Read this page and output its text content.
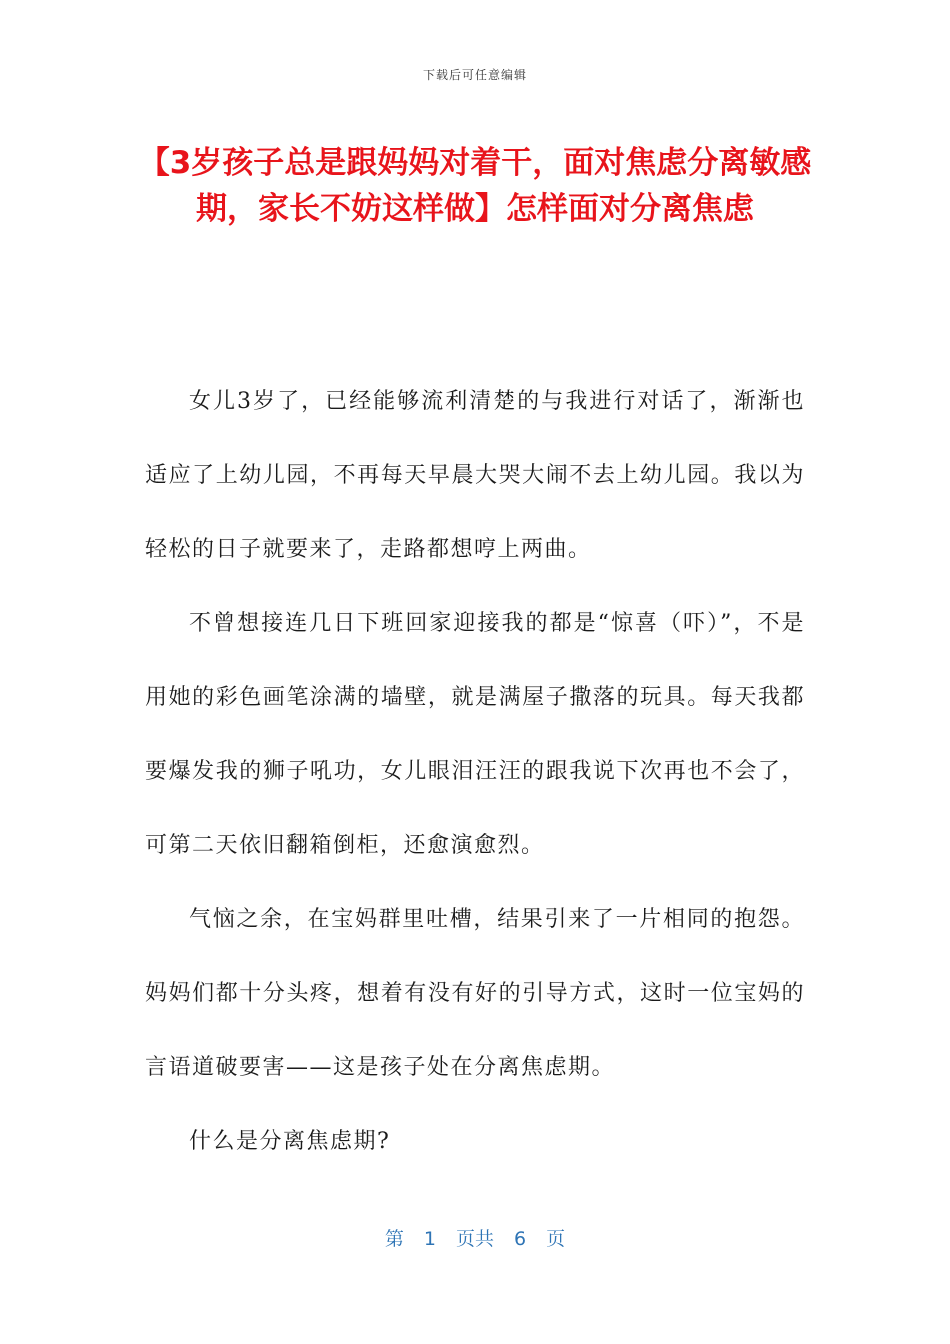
下载后可任意编辑
【3岁孩子总是跟妈妈对着干，面对焦虑分离敏感期，家长不妨这样做】怎样面对分离焦虑

女儿3岁了，已经能够流利清楚的与我进行对话了，渐渐也适应了上幼儿园，不再每天早晨大哭大闹不去上幼儿园。我以为轻松的日子就要来了，走路都想哼上两曲。

不曾想接连几日下班回家迎接我的都是“惊喜（吓）”，不是用她的彩色画笔涂满的墙壁，就是满屋子撒落的玩具。每天我都要爆发我的狮子吼功，女儿眼泪汪汪的跟我说下次再也不会了，可第二天依旧翻箱倒柜，还愈演愈烈。

气恼之余，在宝妈群里吐槽，结果引来了一片相同的抱怨。妈妈们都十分头疼，想着有没有好的引导方式，这时一位宝妈的言语道破要害——这是孩子处在分离焦虑期。

什么是分离焦虑期?

第 1 页共 6 页
